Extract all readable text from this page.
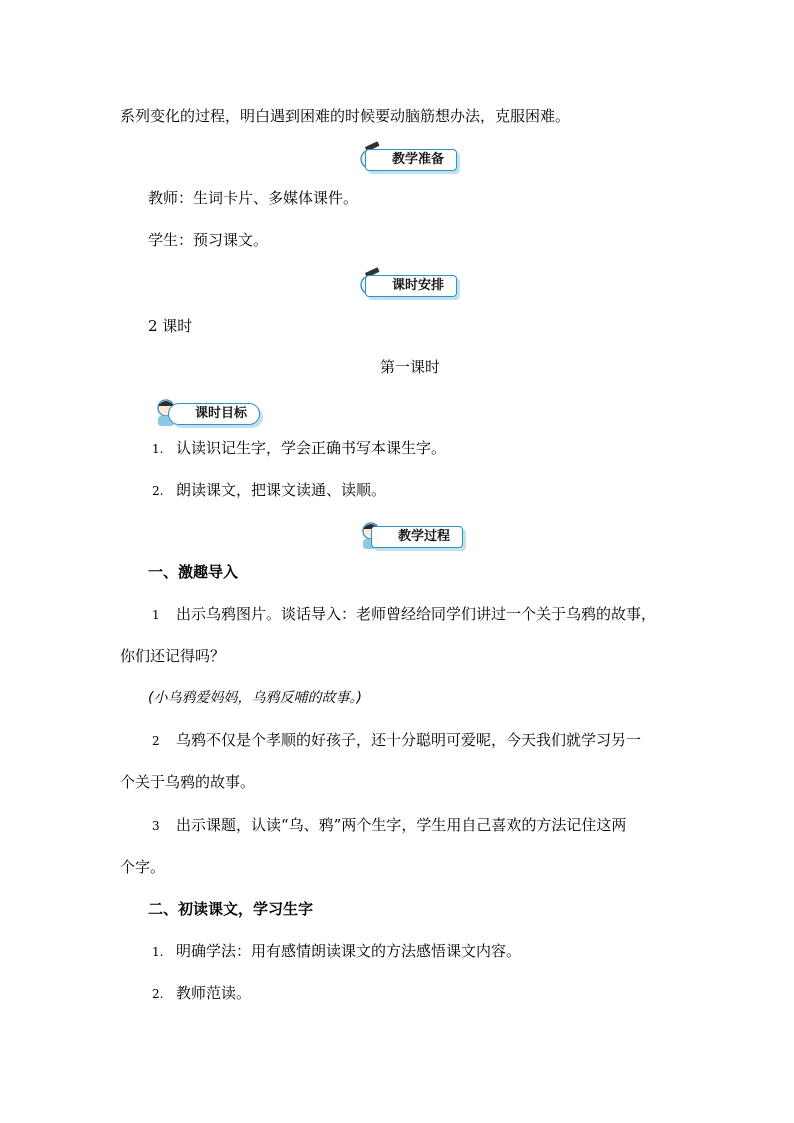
系列变化的过程，明白遇到困难的时候要动脑筋想办法，克服困难。
教学准备
教师：生词卡片、多媒体课件。
学生：预习课文。
课时安排
2 课时
第一课时
课时目标
1. 认读识记生字，学会正确书写本课生字。
2. 朗读课文，把课文读通、读顺。
教学过程
一、激趣导入
1 出示乌鸦图片。谈话导入：老师曾经给同学们讲过一个关于乌鸦的故事，
你们还记得吗？
(小乌鸦爱妈妈，乌鸦反哺的故事。)
2 乌鸦不仅是个孝顺的好孩子，还十分聪明可爱呢，今天我们就学习另一
个关于乌鸦的故事。
3 出示课题，认读“乌、鸦”两个生字，学生用自己喜欢的方法记住这两
个字。
二、初读课文，学习生字
1. 明确学法：用有感情朗读课文的方法感悟课文内容。
2. 教师范读。
